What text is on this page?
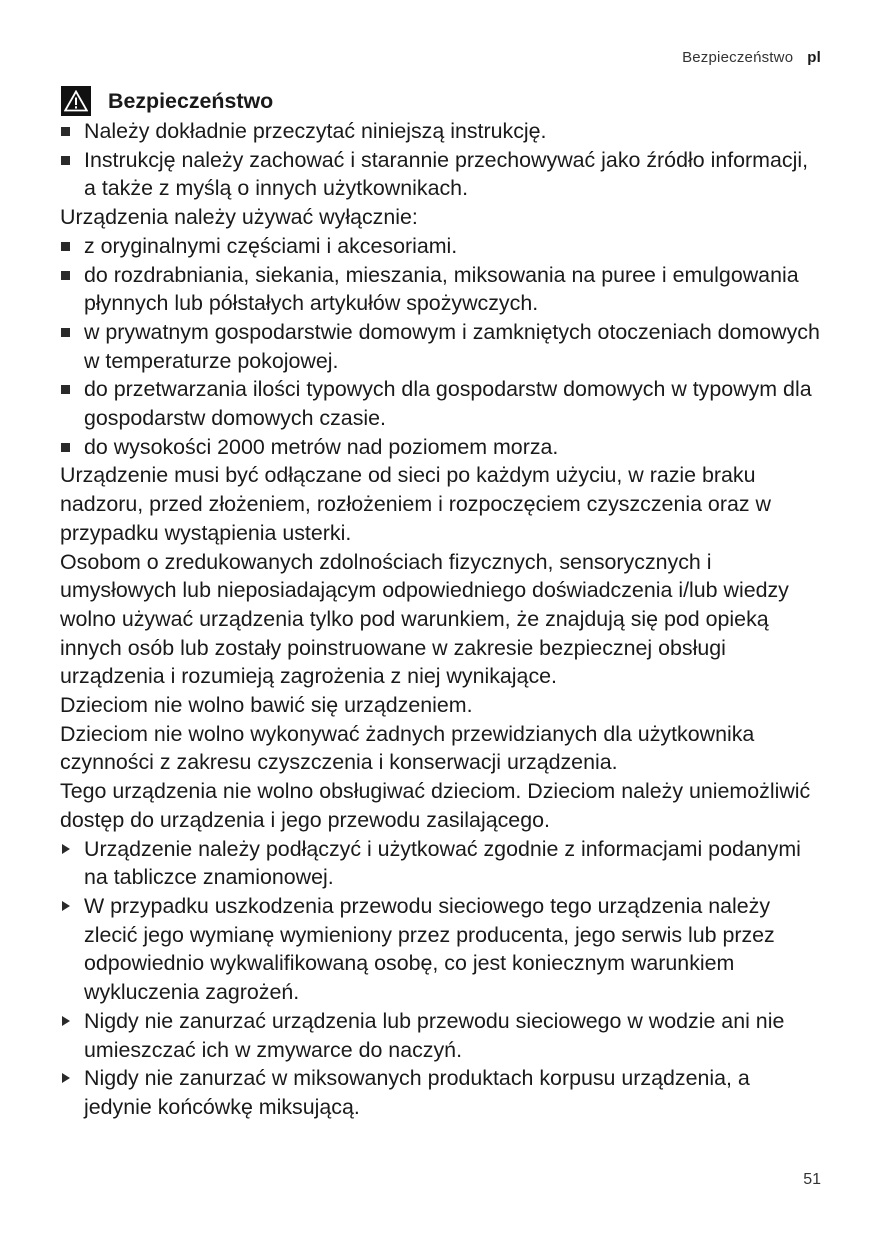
Bezpieczeństwo pl
Bezpieczeństwo
Należy dokładnie przeczytać niniejszą instrukcję.
Instrukcję należy zachować i starannie przechowywać jako źródło informacji, a także z myślą o innych użytkownikach.

Urządzenia należy używać wyłącznie:

z oryginalnymi częściami i akcesoriami.
do rozdrabniania, siekania, mieszania, miksowania na puree i emulgowania płynnych lub półstałych artykułów spożywczych.
w prywatnym gospodarstwie domowym i zamkniętych otoczeniach domowych w temperaturze pokojowej.
do przetwarzania ilości typowych dla gospodarstw domowych w typowym dla gospodarstw domowych czasie.
do wysokości 2000 metrów nad poziomem morza.

Urządzenie musi być odłączane od sieci po każdym użyciu, w razie braku nadzoru, przed złożeniem, rozłożeniem i rozpoczęciem czyszczenia oraz w przypadku wystąpienia usterki.

Osobom o zredukowanych zdolnościach fizycznych, sensorycznych i umysłowych lub nieposiadającym odpowiedniego doświadczenia i/lub wiedzy wolno używać urządzenia tylko pod warunkiem, że znajdują się pod opieką innych osób lub zostały poinstruowane w zakresie bezpiecznej obsługi urządzenia i rozumieją zagrożenia z niej wynikające.

Dzieciom nie wolno bawić się urządzeniem.

Dzieciom nie wolno wykonywać żadnych przewidzianych dla użytkownika czynności z zakresu czyszczenia i konserwacji urządzenia.

Tego urządzenia nie wolno obsługiwać dzieciom. Dzieciom należy uniemożliwić dostęp do urządzenia i jego przewodu zasilającego.

Urządzenie należy podłączyć i użytkować zgodnie z informacjami podanymi na tabliczce znamionowej.
W przypadku uszkodzenia przewodu sieciowego tego urządzenia należy zlecić jego wymianę wymieniony przez producenta, jego serwis lub przez odpowiednio wykwalifikowaną osobę, co jest koniecznym warunkiem wykluczenia zagrożeń.
Nigdy nie zanurzać urządzenia lub przewodu sieciowego w wodzie ani nie umieszczać ich w zmywarce do naczyń.
Nigdy nie zanurzać w miksowanych produktach korpusu urządzenia, a jedynie końcówkę miksującą.
51
